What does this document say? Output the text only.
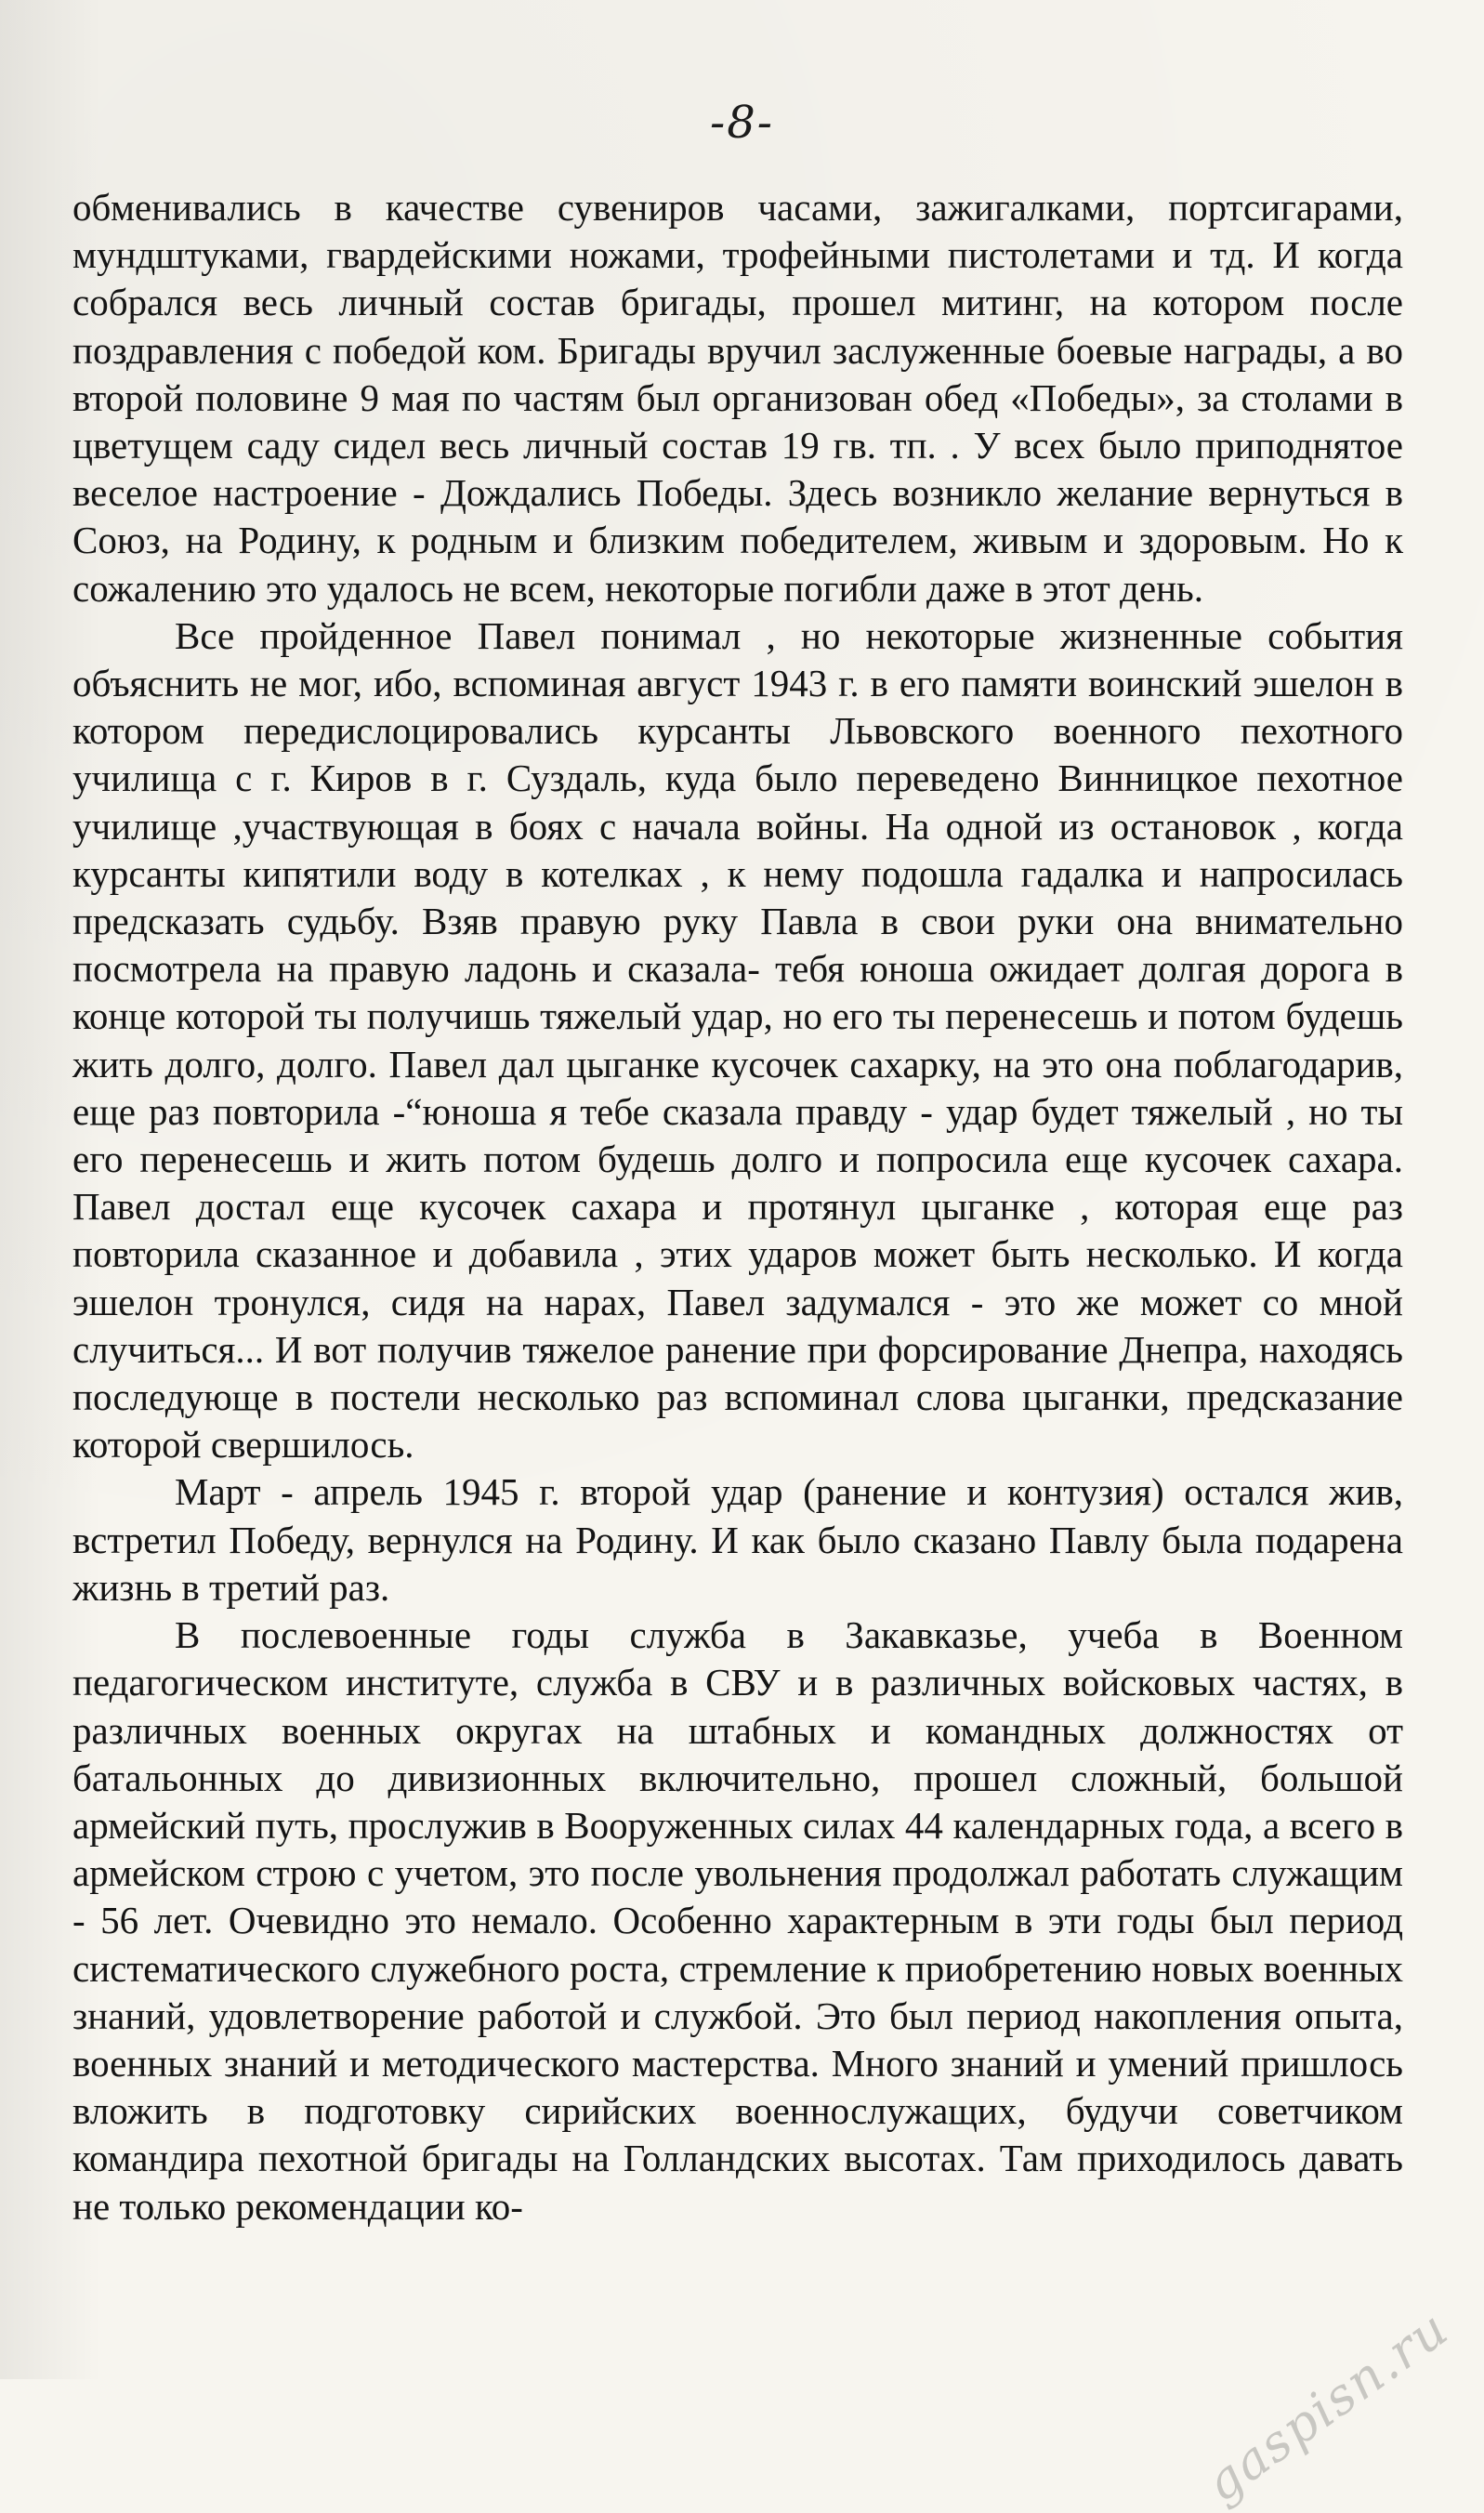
-8-

обменивались в качестве сувениров часами, зажигалками, портсигарами, мундштуками, гвардейскими ножами, трофейными пистолетами и тд. И когда собрался весь личный состав бригады, прошел митинг, на котором после поздравления с победой ком. Бригады вручил заслуженные боевые награды, а во второй половине 9 мая по частям был организован обед «Победы», за столами в цветущем саду сидел весь личный состав 19 гв. тп. . У всех было приподнятое веселое настроение - Дождались Победы. Здесь возникло желание вернуться в Союз, на Родину, к родным и близким победителем, живым и здоровым. Но к сожалению это удалось не всем, некоторые погибли даже в этот день.

Все пройденное Павел понимал , но некоторые жизненные события объяснить не мог, ибо, вспоминая август 1943 г. в его памяти воинский эшелон в котором передислоцировались курсанты Львовского военного пехотного училища с г. Киров в г. Суздаль, куда было переведено Винницкое пехотное училище ,участвующая в боях с начала войны. На одной из остановок , когда курсанты кипятили воду в котелках , к нему подошла гадалка и напросилась предсказать судьбу. Взяв правую руку Павла в свои руки она внимательно посмотрела на правую ладонь и сказала- тебя юноша ожидает долгая дорога в конце которой ты получишь тяжелый удар, но его ты перенесешь и потом будешь жить долго, долго. Павел дал цыганке кусочек сахарку, на это она поблагодарив, еще раз повторила -“юноша я тебе сказала правду - удар будет тяжелый , но ты его перенесешь и жить потом будешь долго и попросила еще кусочек сахара. Павел достал еще кусочек сахара и протянул цыганке , которая еще раз повторила сказанное и добавила , этих ударов может быть несколько. И когда эшелон тронулся, сидя на нарах, Павел задумался - это же может со мной случиться... И вот получив тяжелое ранение при форсирование Днепра, находясь последующе в постели несколько раз вспоминал слова цыганки, предсказание которой свершилось.

Март - апрель 1945 г. второй удар (ранение и контузия) остался жив, встретил Победу, вернулся на Родину. И как было сказано Павлу была подарена жизнь в третий раз.

В послевоенные годы служба в Закавказье, учеба в Военном педагогическом институте, служба в СВУ и в различных войсковых частях, в различных военных округах на штабных и командных должностях от батальонных до дивизионных включительно, прошел сложный, большой армейский путь, прослужив в Вооруженных силах 44 календарных года, а всего в армейском строю с учетом, это после увольнения продолжал работать служащим - 56 лет. Очевидно это немало. Особенно характерным в эти годы был период систематического служебного роста, стремление к приобретению новых военных знаний, удовлетворение работой и службой. Это был период накопления опыта, военных знаний и методического мастерства. Много знаний и умений пришлось вложить в подготовку сирийских военнослужащих, будучи советчиком командира пехотной бригады на Голландских высотах. Там приходилось давать не только рекомендации ко-

gaspisn.ru
